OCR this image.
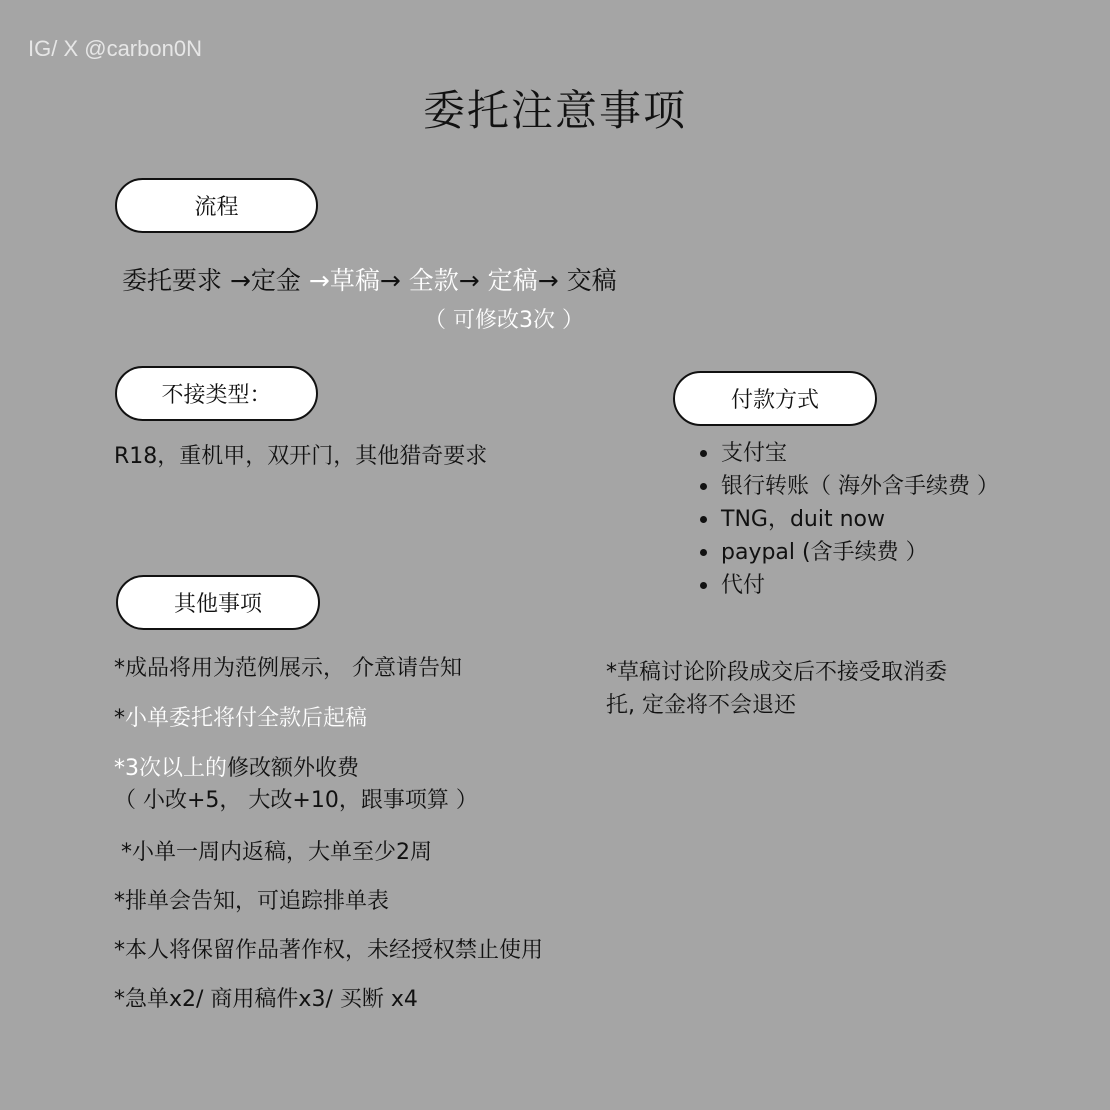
IG/ X @carbon0N
委托注意事项
流程
委托要求 →定金 →草稿→ 全款→ 定稿→ 交稿
（ 可修改3次 ）
不接类型：
R18，重机甲，双开门，其他猎奇要求
付款方式
支付宝
银行转账（ 海外含手续费 ）
TNG，duit now
paypal (含手续费 ）
代付
其他事项
*成品将用为范例展示， 介意请告知
*小单委托将付全款后起稿
*3次以上的修改额外收费
（ 小改+5， 大改+10，跟事项算 ）
*小单一周内返稿，大单至少2周
*排单会告知，可追踪排单表
*本人将保留作品著作权，未经授权禁止使用
*急单x2/ 商用稿件x3/ 买断 x4
*草稿讨论阶段成交后不接受取消委
托, 定金将不会退还
